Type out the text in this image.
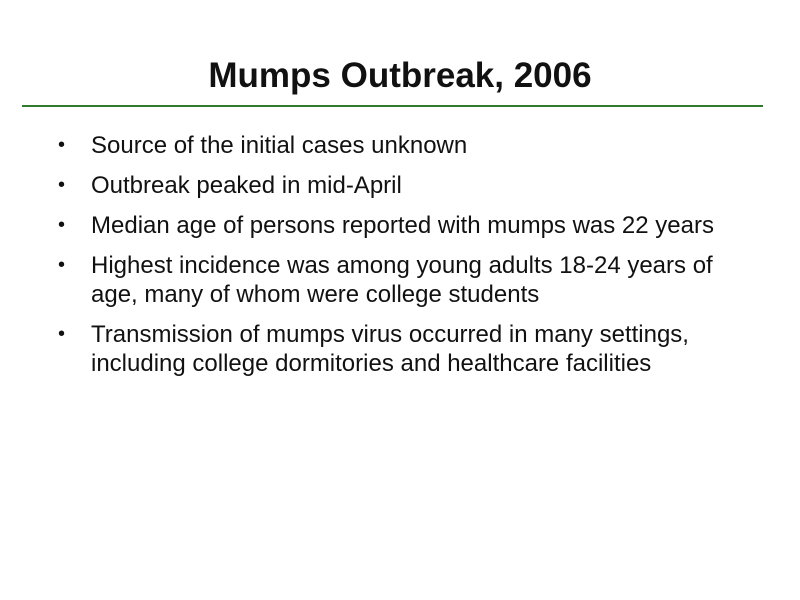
Mumps Outbreak, 2006
• Source of the initial cases unknown
• Outbreak peaked in mid-April
• Median age of persons reported with mumps was 22 years
• Highest incidence was among young adults 18-24 years of age, many of whom were college students
• Transmission of mumps virus occurred in many settings, including college dormitories and healthcare facilities
